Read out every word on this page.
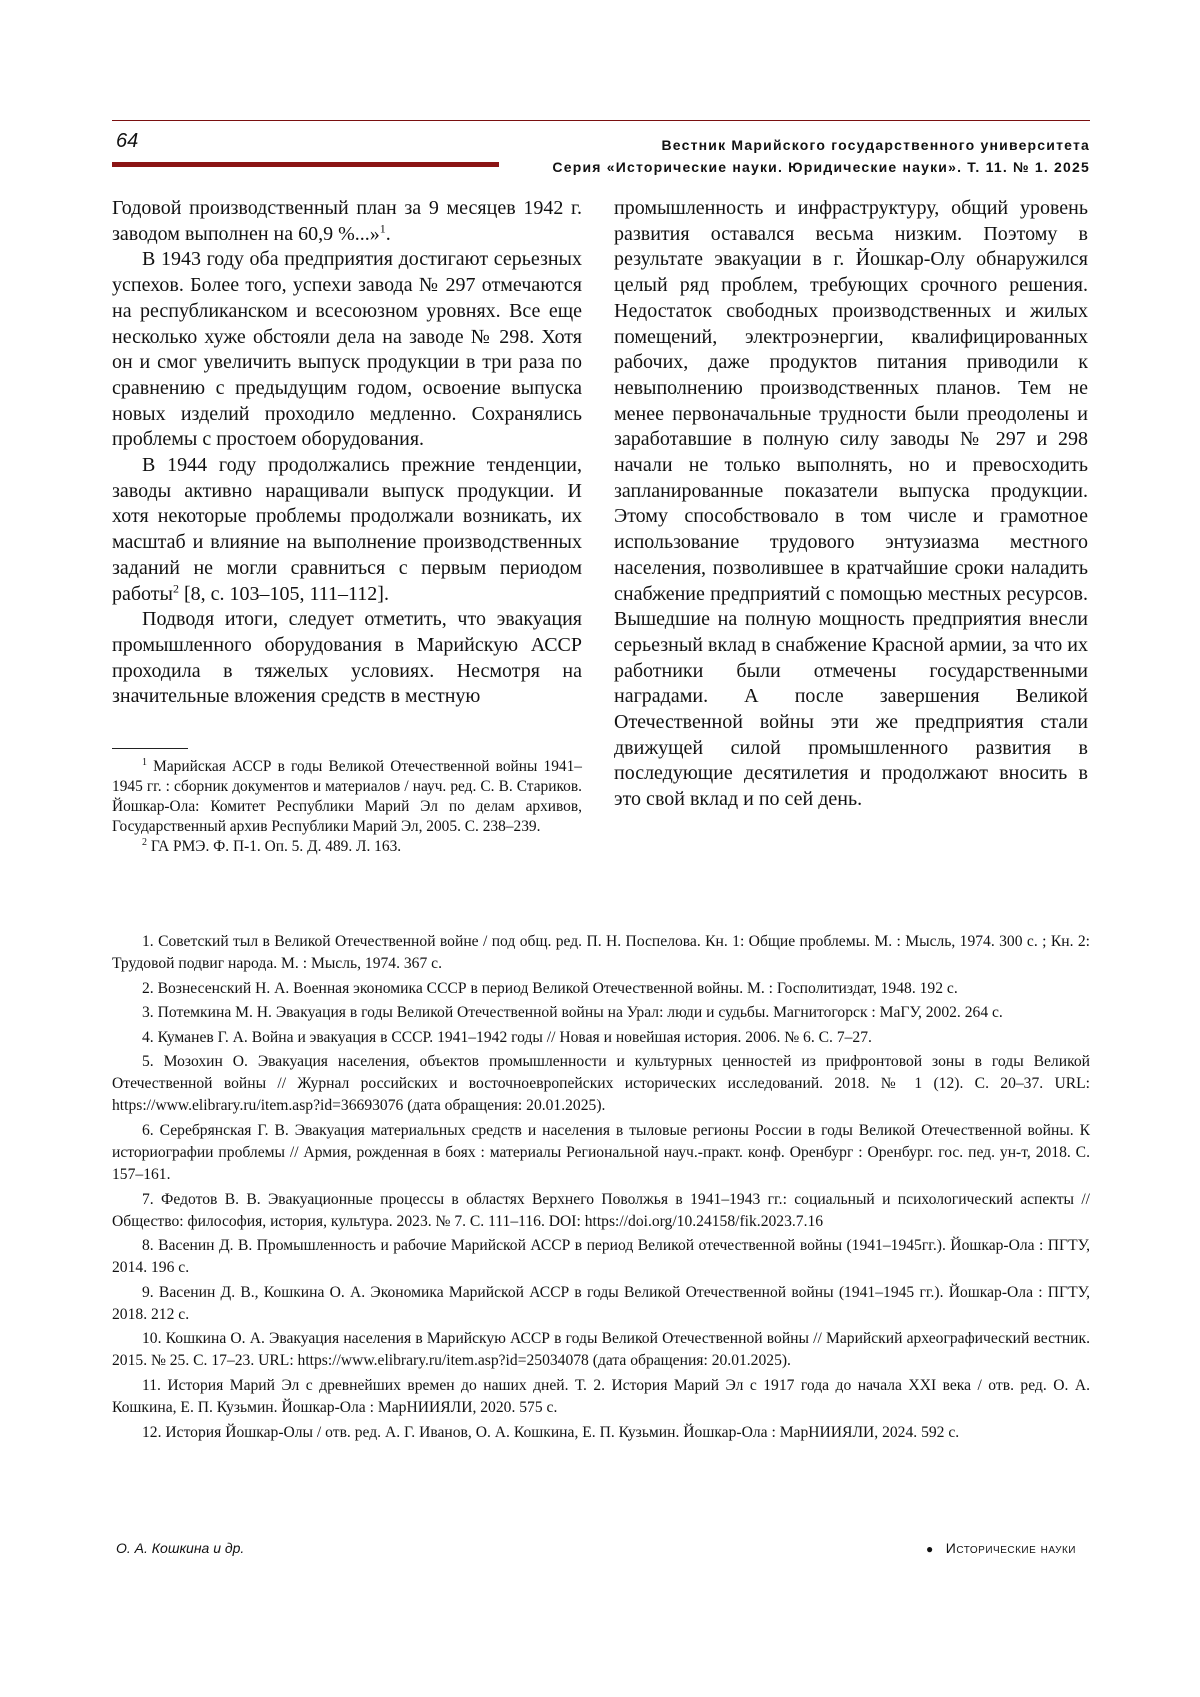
64	Вестник Марийского государственного университета
Серия «Исторические науки. Юридические науки». Т. 11. № 1. 2025

Годовой производственный план за 9 месяцев 1942 г. заводом выполнен на 60,9 %...»$^1$.

В 1943 году оба предприятия достигают серьезных успехов. Более того, успехи завода № 297 отмечаются на республиканском и всесоюзном уровнях. Все еще несколько хуже обстояли дела на заводе № 298. Хотя он и смог увеличить выпуск продукции в три раза по сравнению с предыдущим годом, освоение выпуска новых изделий проходило медленно. Сохранялись проблемы с простоем оборудования.

В 1944 году продолжались прежние тенденции, заводы активно наращивали выпуск продукции. И хотя некоторые проблемы продолжали возникать, их масштаб и влияние на выполнение производственных заданий не могли сравниться с первым периодом работы$^2$ [8, с. 103–105, 111–112].

Подводя итоги, следует отметить, что эвакуация промышленного оборудования в Марийскую АССР проходила в тяжелых условиях. Несмотря на значительные вложения средств в местную

$^1$ Марийская АССР в годы Великой Отечественной войны 1941–1945 гг. : сборник документов и материалов / науч. ред. С. В. Стариков. Йошкар-Ола: Комитет Республики Марий Эл по делам архивов, Государственный архив Республики Марий Эл, 2005. С. 238–239.

$^2$ ГА РМЭ. Ф. П-1. Оп. 5. Д. 489. Л. 163.

промышленность и инфраструктуру, общий уровень развития оставался весьма низким. Поэтому в результате эвакуации в г. Йошкар-Олу обнаружился целый ряд проблем, требующих срочного решения. Недостаток свободных производственных и жилых помещений, электроэнергии, квалифицированных рабочих, даже продуктов питания приводили к невыполнению производственных планов. Тем не менее первоначальные трудности были преодолены и заработавшие в полную силу заводы № 297 и 298 начали не только выполнять, но и превосходить запланированные показатели выпуска продукции. Этому способствовало в том числе и грамотное использование трудового энтузиазма местного населения, позволившее в кратчайшие сроки наладить снабжение предприятий с помощью местных ресурсов. Вышедшие на полную мощность предприятия внесли серьезный вклад в снабжение Красной армии, за что их работники были отмечены государственными наградами. А после завершения Великой Отечественной войны эти же предприятия стали движущей силой промышленного развития в последующие десятилетия и продолжают вносить в это свой вклад и по сей день.

1. Советский тыл в Великой Отечественной войне / под общ. ред. П. Н. Поспелова. Кн. 1: Общие проблемы. М. : Мысль, 1974. 300 с. ; Кн. 2: Трудовой подвиг народа. М. : Мысль, 1974. 367 с.

2. Вознесенский Н. А. Военная экономика СССР в период Великой Отечественной войны. М. : Госполитиздат, 1948. 192 с.

3. Потемкина М. Н. Эвакуация в годы Великой Отечественной войны на Урал: люди и судьбы. Магнитогорск : МаГУ, 2002. 264 с.

4. Куманев Г. А. Война и эвакуация в СССР. 1941–1942 годы // Новая и новейшая история. 2006. № 6. С. 7–27.

5. Мозохин О. Эвакуация населения, объектов промышленности и культурных ценностей из прифронтовой зоны в годы Великой Отечественной войны // Журнал российских и восточноевропейских исторических исследований. 2018. № 1 (12). С. 20–37. URL: https://www.elibrary.ru/item.asp?id=36693076 (дата обращения: 20.01.2025).

6. Серебрянская Г. В. Эвакуация материальных средств и населения в тыловые регионы России в годы Великой Отечественной войны. К историографии проблемы // Армия, рожденная в боях : материалы Региональной науч.-практ. конф. Оренбург : Оренбург. гос. пед. ун-т, 2018. С. 157–161.

7. Федотов В. В. Эвакуационные процессы в областях Верхнего Поволжья в 1941–1943 гг.: социальный и психологический аспекты // Общество: философия, история, культура. 2023. № 7. С. 111–116. DOI: https://doi.org/10.24158/fik.2023.7.16

8. Васенин Д. В. Промышленность и рабочие Марийской АССР в период Великой отечественной войны (1941–1945гг.). Йошкар-Ола : ПГТУ, 2014. 196 с.

9. Васенин Д. В., Кошкина О. А. Экономика Марийской АССР в годы Великой Отечественной войны (1941–1945 гг.). Йошкар-Ола : ПГТУ, 2018. 212 с.

10. Кошкина О. А. Эвакуация населения в Марийскую АССР в годы Великой Отечественной войны // Марийский археографический вестник. 2015. № 25. С. 17–23. URL: https://www.elibrary.ru/item.asp?id=25034078 (дата обращения: 20.01.2025).

11. История Марий Эл с древнейших времен до наших дней. Т. 2. История Марий Эл с 1917 года до начала XXI века / отв. ред. О. А. Кошкина, Е. П. Кузьмин. Йошкар-Ола : МарНИИЯЛИ, 2020. 575 с.

12. История Йошкар-Олы / отв. ред. А. Г. Иванов, О. А. Кошкина, Е. П. Кузьмин. Йошкар-Ола : МарНИИЯЛИ, 2024. 592 с.

О. А. Кошкина и др.	● Исторические науки
